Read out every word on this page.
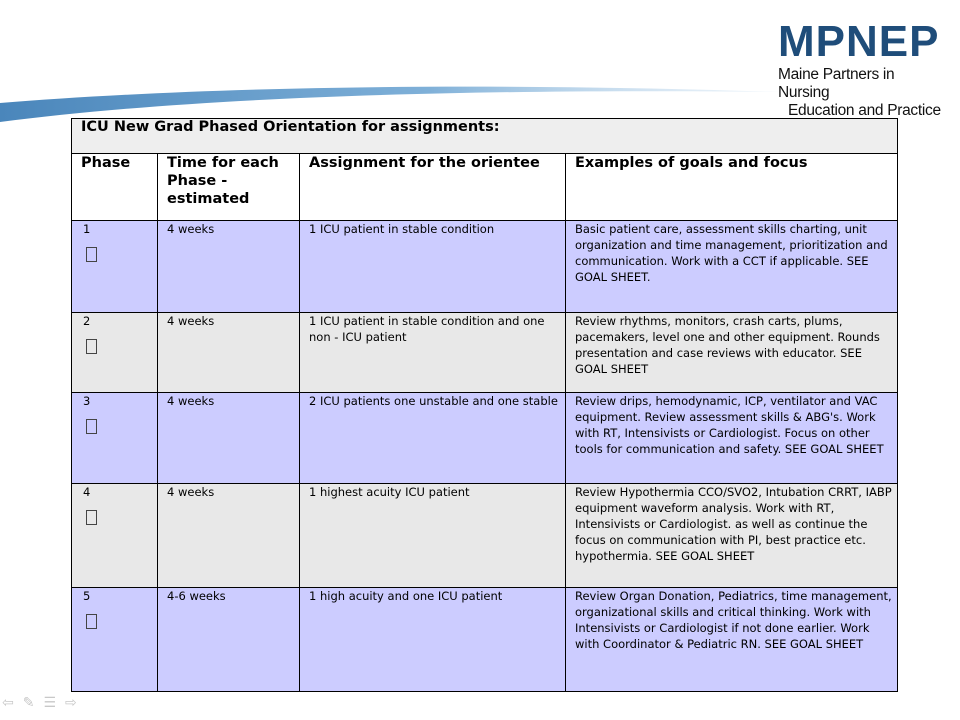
MPNEP
Maine Partners in Nursing
Education and Practice
ICU New Grad Phased Orientation for assignments:			
Phase	Time for each Phase - estimated	Assignment for the orientee	Examples of goals and focus

1	4 weeks	1 ICU patient in stable condition	Basic patient care, assessment skills charting, unit organization and time management, prioritization and communication. Work with a CCT if applicable. SEE GOAL SHEET.

2	4 weeks	1 ICU patient in stable condition and one non - ICU patient	Review rhythms, monitors, crash carts, plums, pacemakers, level one and other equipment. Rounds presentation and case reviews with educator. SEE GOAL SHEET

3	4 weeks	2 ICU patients one unstable and one stable	Review drips, hemodynamic, ICP, ventilator and VAC equipment. Review assessment skills & ABG's. Work with RT, Intensivists or Cardiologist. Focus on other tools for communication and safety. SEE GOAL SHEET

4	4 weeks	1 highest acuity ICU patient	Review Hypothermia CCO/SVO2, Intubation CRRT, IABP equipment waveform analysis. Work with RT, Intensivists or Cardiologist. as well as continue the focus on communication with PI, best practice etc. hypothermia. SEE GOAL SHEET

5	4-6 weeks	1 high acuity and one ICU patient	Review Organ Donation, Pediatrics, time management, organizational skills and critical thinking. Work with Intensivists or Cardiologist if not done earlier. Work with Coordinator & Pediatric RN. SEE GOAL SHEET
⇦ ✎ ☰ ⇨
